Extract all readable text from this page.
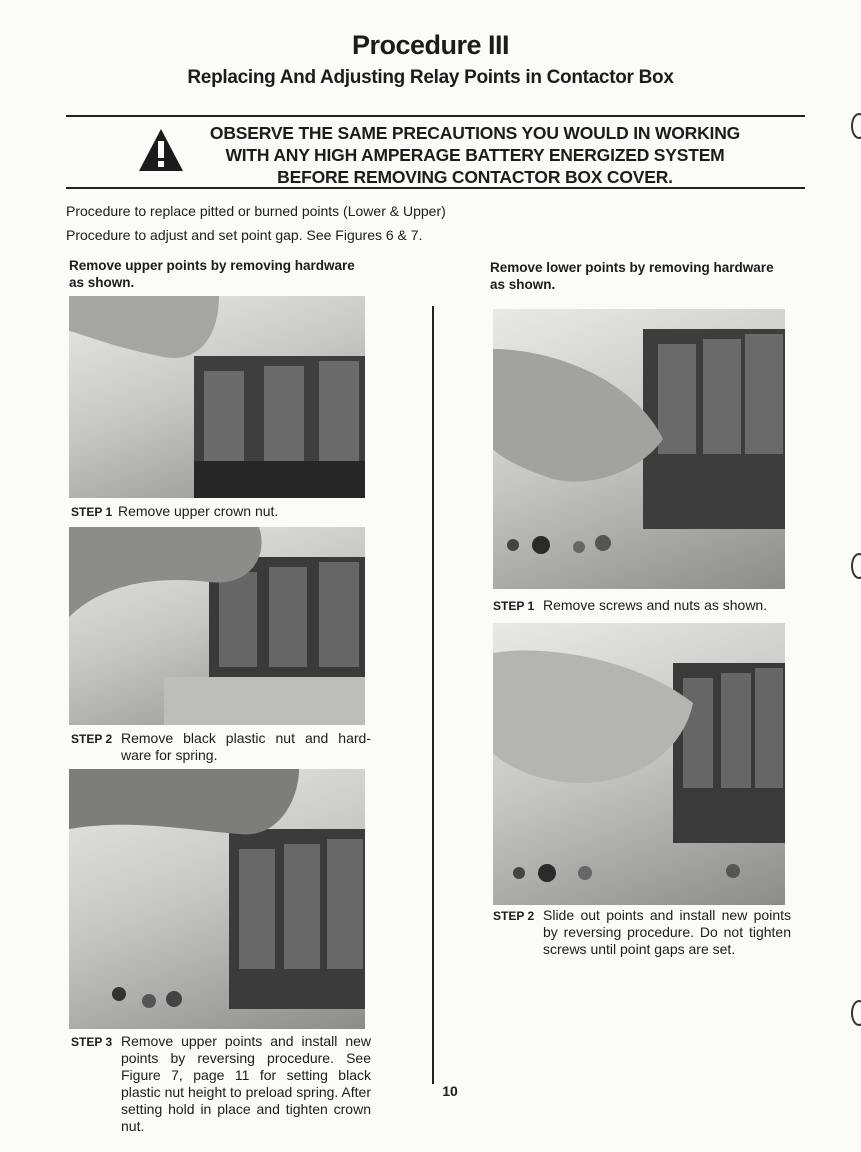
Procedure III
Replacing And Adjusting Relay Points in Contactor Box
OBSERVE THE SAME PRECAUTIONS YOU WOULD IN WORKING
WITH ANY HIGH AMPERAGE BATTERY ENERGIZED SYSTEM
BEFORE REMOVING CONTACTOR BOX COVER.
Procedure to replace pitted or burned points (Lower & Upper)
Procedure to adjust and set point gap. See Figures 6 & 7.
Remove upper points by removing hardware as shown.
STEP 1 Remove upper crown nut.
STEP 2 Remove black plastic nut and hard- ware for spring.
STEP 3 Remove upper points and install new points by reversing procedure. See Figure 7, page 11 for setting black plastic nut height to preload spring. After setting hold in place and tighten crown nut.
Remove lower points by removing hardware as shown.
STEP 1 Remove screws and nuts as shown.
STEP 2 Slide out points and install new points by reversing procedure. Do not tighten screws until point gaps are set.
10
